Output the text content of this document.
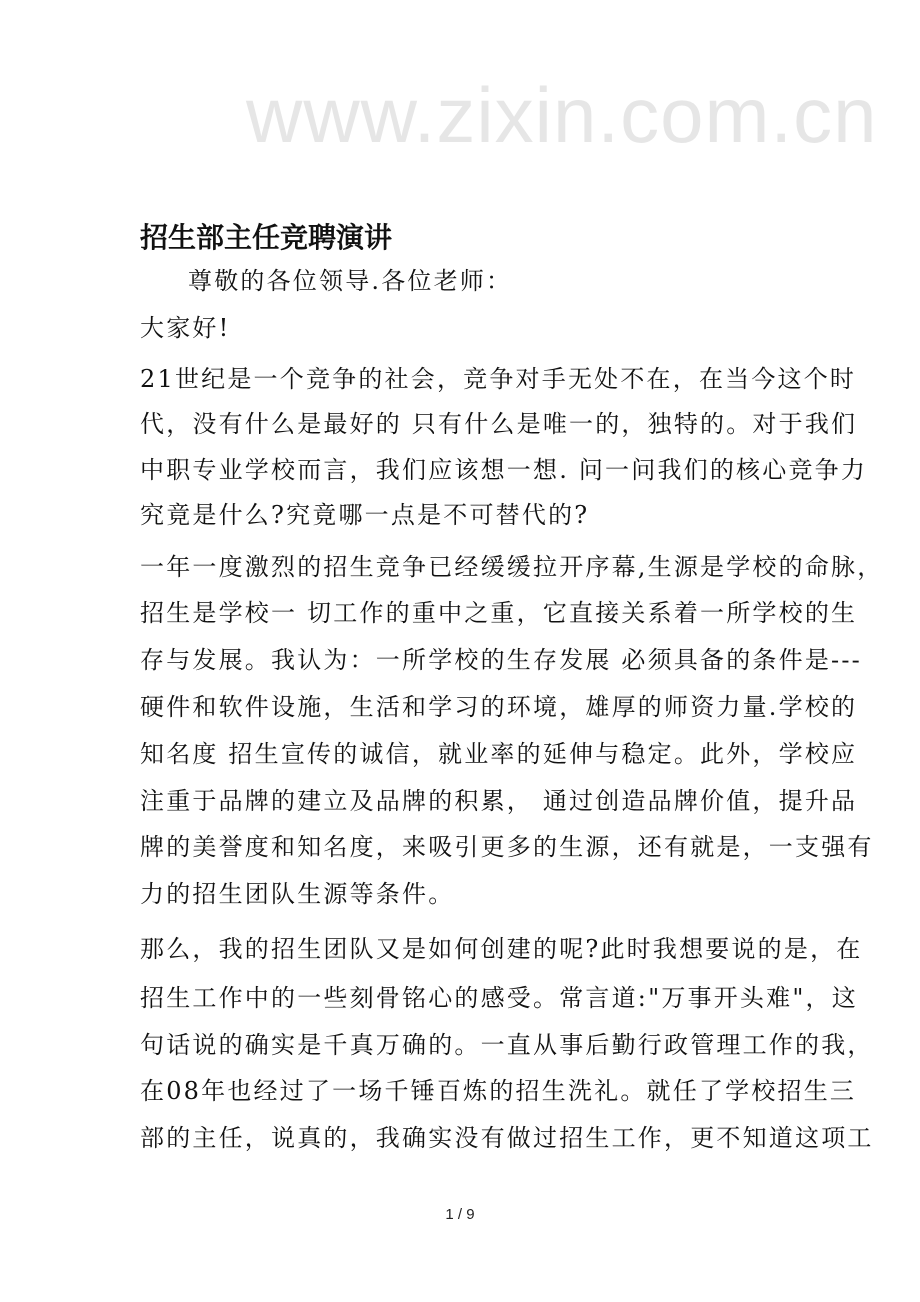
www.zixin.com.cn
招生部主任竞聘演讲
尊敬的各位领导.各位老师：
大家好!
21世纪是一个竞争的社会，竞争对手无处不在，在当今这个时
代，没有什么是最好的 只有什么是唯一的，独特的。对于我们
中职专业学校而言，我们应该想一想. 问一问我们的核心竞争力
究竟是什么?究竟哪一点是不可替代的?
一年一度激烈的招生竞争已经缓缓拉开序幕,生源是学校的命脉，
招生是学校一 切工作的重中之重，它直接关系着一所学校的生
存与发展。我认为：一所学校的生存发展 必须具备的条件是---
硬件和软件设施，生活和学习的环境，雄厚的师资力量.学校的
知名度 招生宣传的诚信，就业率的延伸与稳定。此外，学校应
注重于品牌的建立及品牌的积累， 通过创造品牌价值，提升品
牌的美誉度和知名度，来吸引更多的生源，还有就是，一支强有
力的招生团队生源等条件。
那么，我的招生团队又是如何创建的呢?此时我想要说的是，在
招生工作中的一些刻骨铭心的感受。常言道:"万事开头难"，这
句话说的确实是千真万确的。一直从事后勤行政管理工作的我，
在08年也经过了一场千锤百炼的招生洗礼。就任了学校招生三
部的主任，说真的，我确实没有做过招生工作，更不知道这项工
1 / 9
